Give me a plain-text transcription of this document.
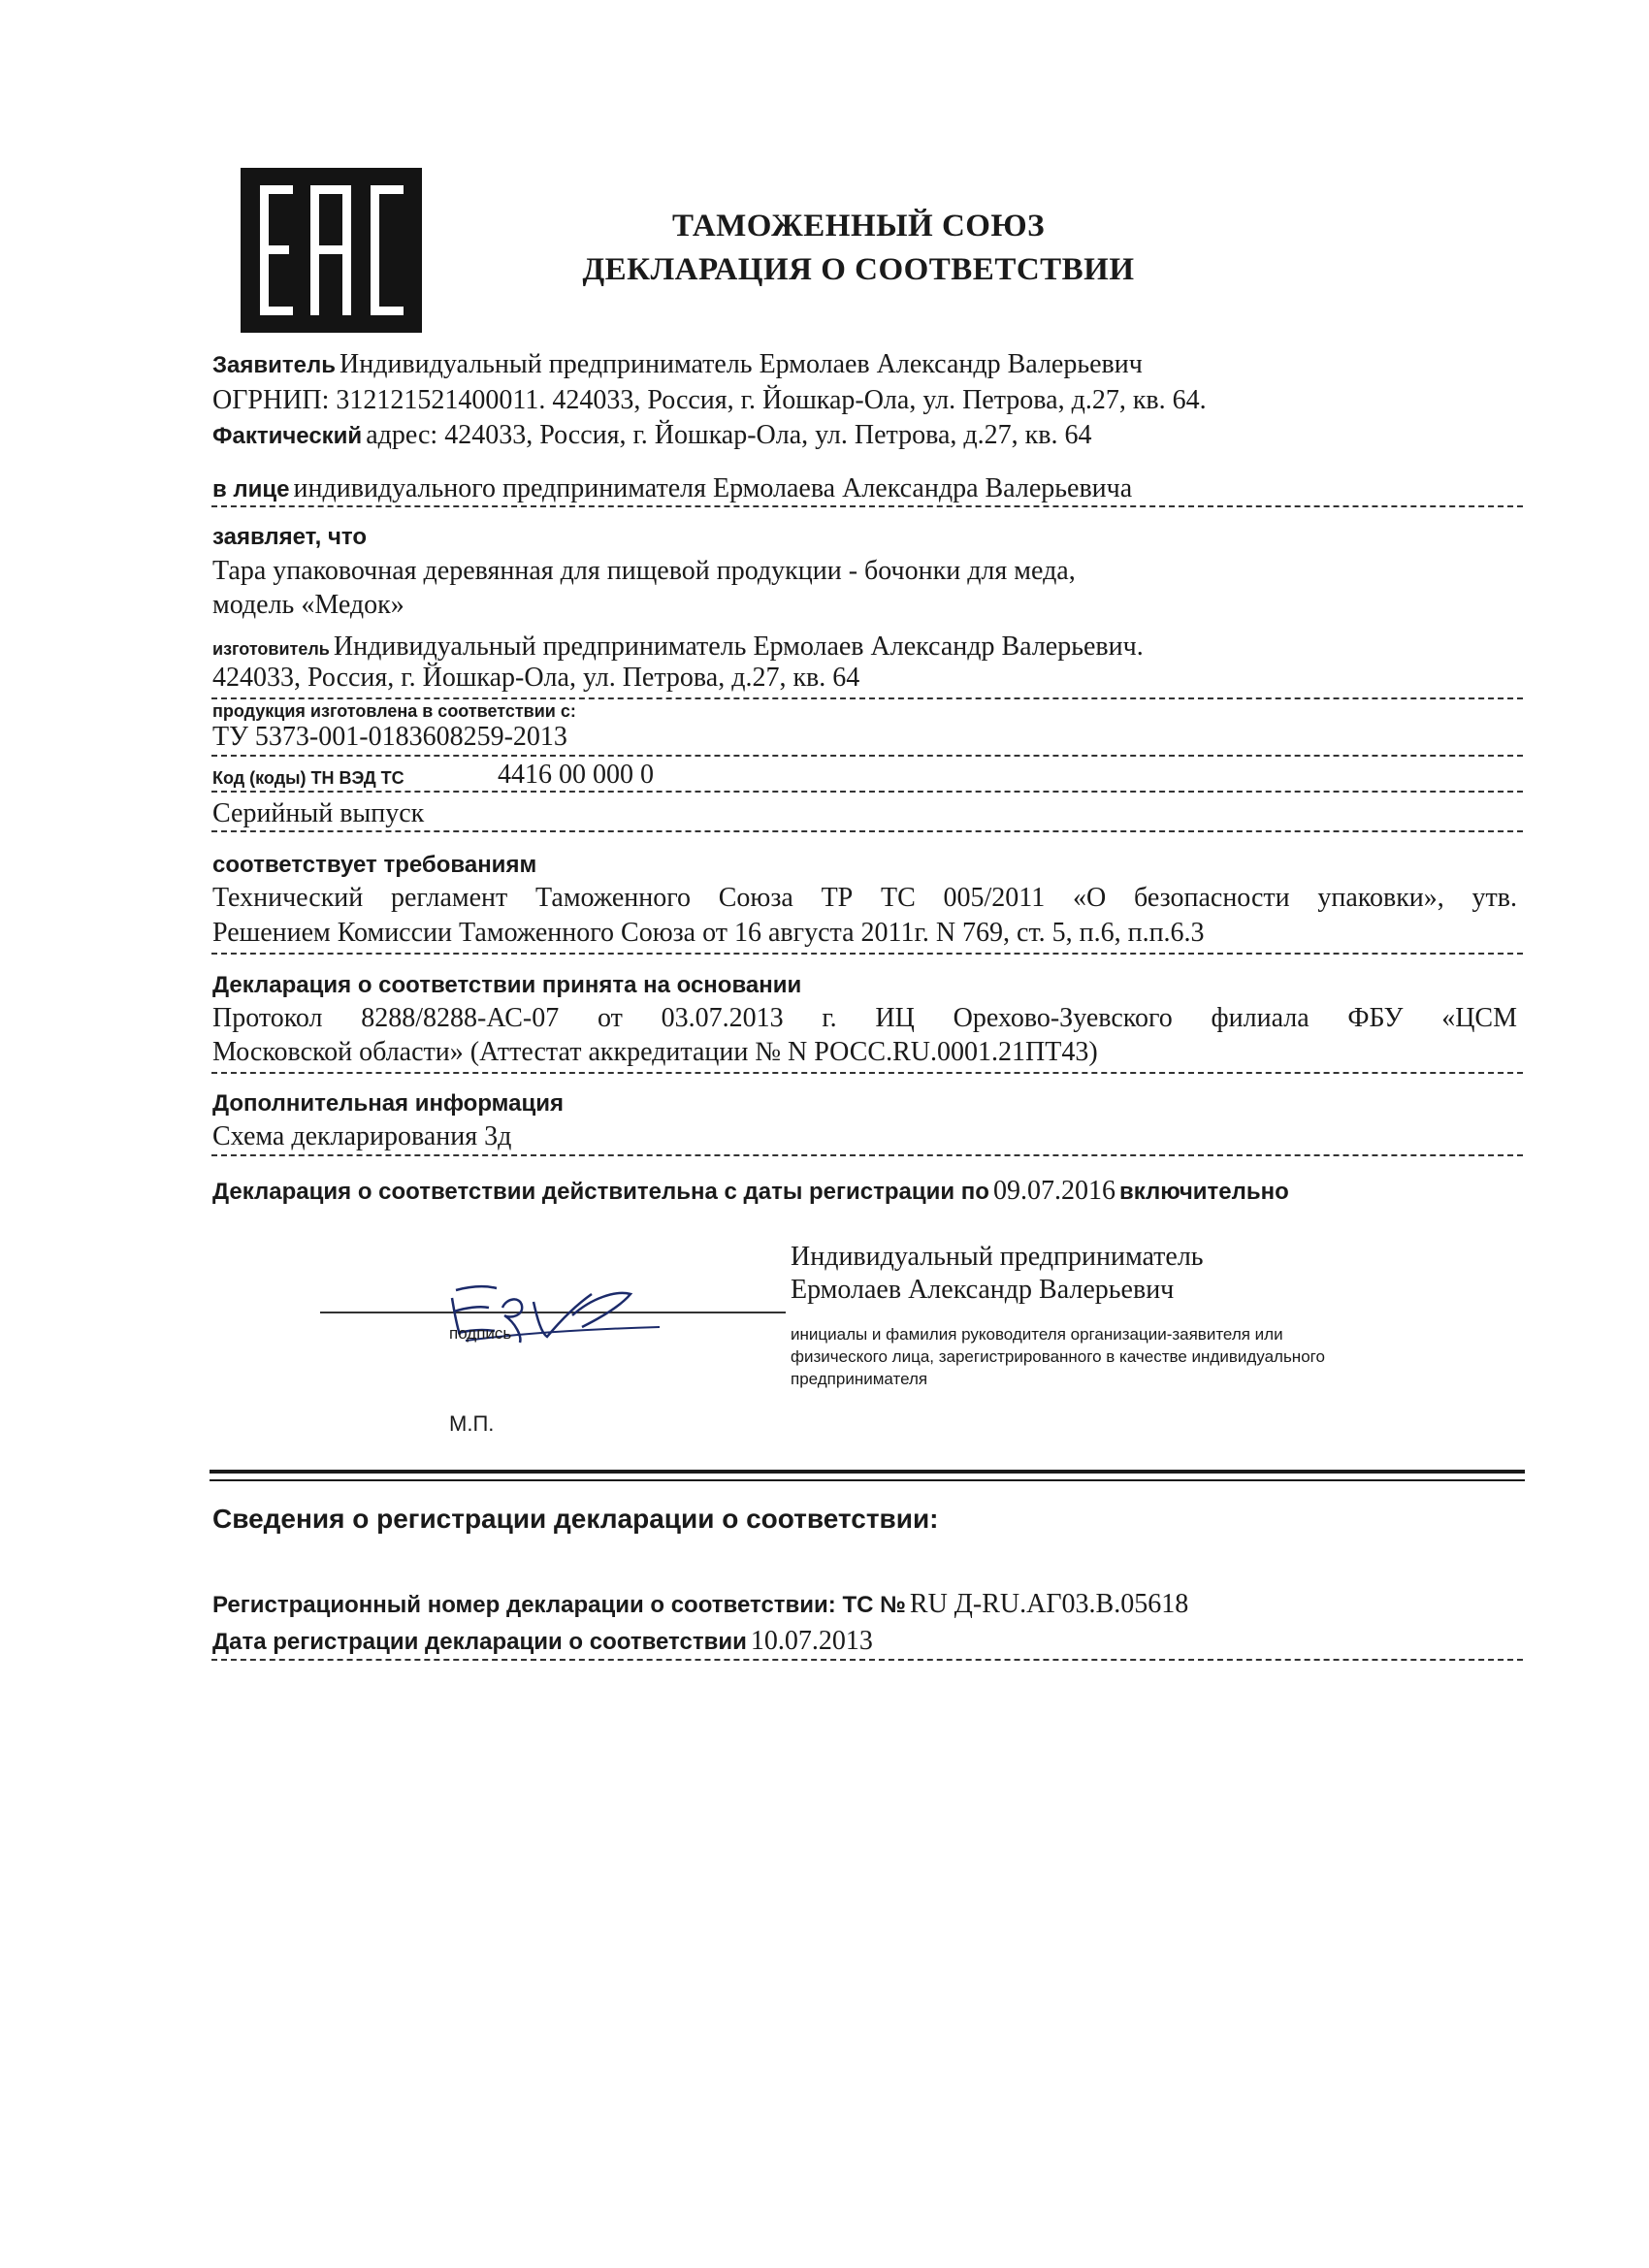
ТАМОЖЕННЫЙ СОЮЗ
ДЕКЛАРАЦИЯ О СООТВЕТСТВИИ
Заявитель Индивидуальный предприниматель Ермолаев Александр Валерьевич
ОГРНИП: 312121521400011. 424033, Россия, г. Йошкар-Ола, ул. Петрова, д.27, кв. 64.
Фактический адрес: 424033, Россия, г. Йошкар-Ола, ул. Петрова, д.27, кв. 64
в лице индивидуального предпринимателя Ермолаева Александра Валерьевича
заявляет, что
Тара упаковочная деревянная для пищевой продукции - бочонки для меда,
модель «Медок»
изготовитель Индивидуальный предприниматель Ермолаев Александр Валерьевич.
424033, Россия, г. Йошкар-Ола, ул. Петрова, д.27, кв. 64
продукция изготовлена в соответствии с:
ТУ 5373-001-0183608259-2013
Код (коды) ТН ВЭД ТС	4416 00 000 0
Серийный выпуск
соответствует требованиям
Технический регламент Таможенного Союза ТР ТС 005/2011 «О безопасности упаковки», утв.
Решением Комиссии Таможенного Союза от 16 августа 2011г. N 769, ст. 5, п.6, п.п.6.3
Декларация о соответствии принята на основании
Протокол 8288/8288-АС-07 от 03.07.2013 г. ИЦ Орехово-Зуевского филиала ФБУ «ЦСМ
Московской области» (Аттестат аккредитации № N РОСС.RU.0001.21ПТ43)
Дополнительная информация
Схема декларирования 3д
Декларация о соответствии действительна с даты регистрации по 09.07.2016 включительно
Индивидуальный предприниматель
Ермолаев Александр Валерьевич
подпись	инициалы и фамилия руководителя организации-заявителя или
физического лица, зарегистрированного в качестве индивидуального
предпринимателя
М.П.
Сведения о регистрации декларации о соответствии:
Регистрационный номер декларации о соответствии: ТС № RU Д-RU.АГ03.В.05618
Дата регистрации декларации о соответствии 10.07.2013
